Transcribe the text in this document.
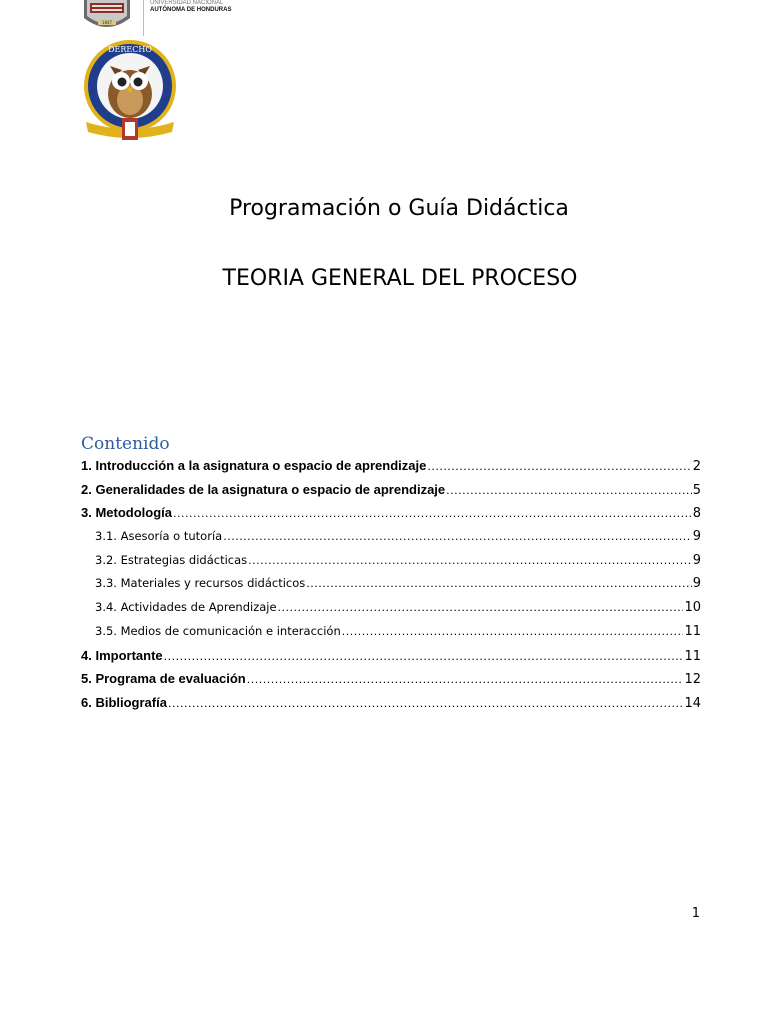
1847
UNIVERSIDAD NACIONAL
AUTÓNOMA DE HONDURAS
DERECHO
Programación o Guía Didáctica
TEORIA GENERAL DEL PROCESO
Contenido
1. Introducción a la asignatura o espacio de aprendizaje .....	2
2. Generalidades de la asignatura o espacio de aprendizaje .....	5
3. Metodología .....	8
3.1. Asesoría o tutoría .....	9
3.2. Estrategias didácticas .....	9
3.3. Materiales y recursos didácticos .....	9
3.4. Actividades de Aprendizaje .....	10
3.5. Medios de comunicación e interacción .....	11
4. Importante .....	11
5. Programa de evaluación .....	12
6. Bibliografía .....	14
1
